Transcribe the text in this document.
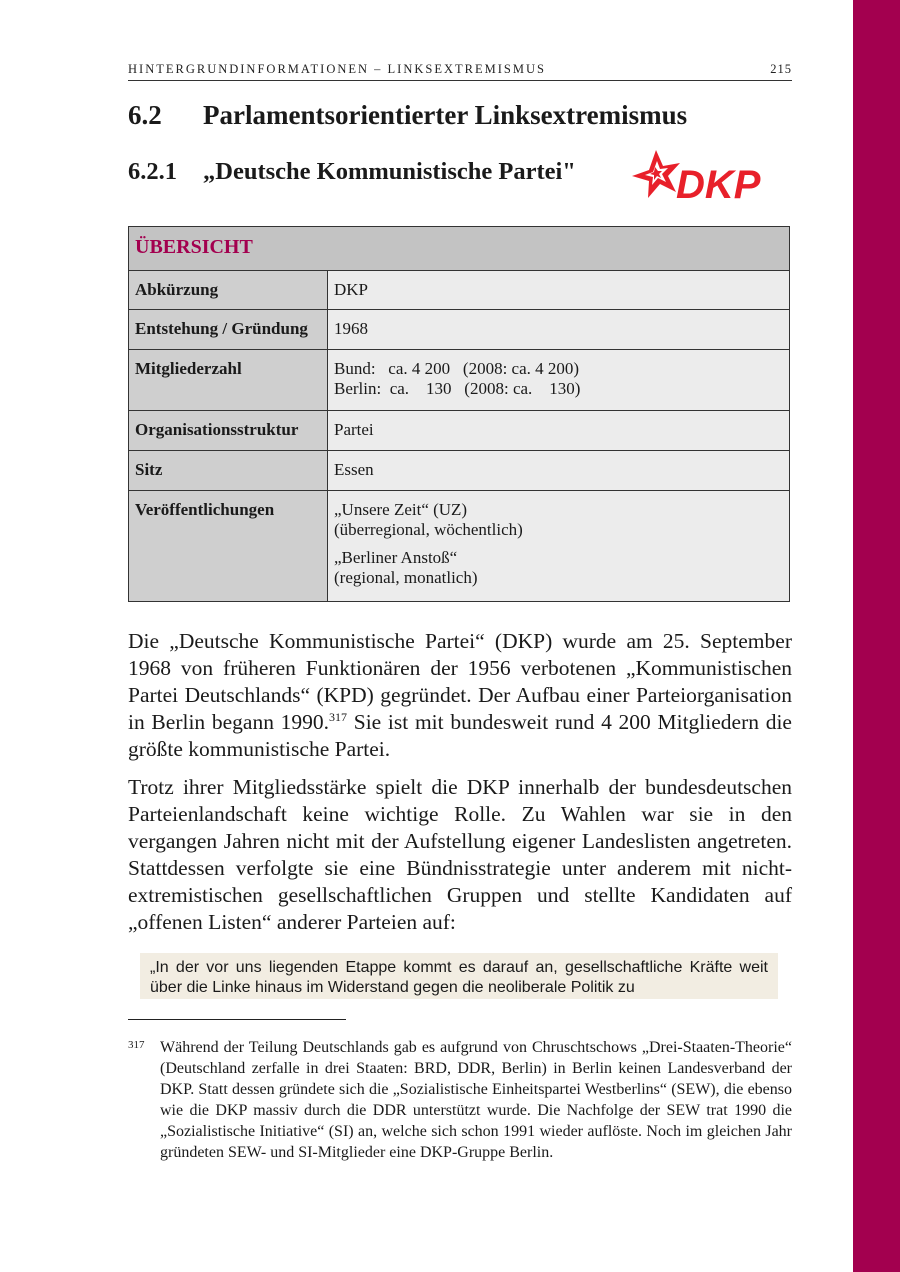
HINTERGRUNDINFORMATIONEN – LINKSEXTREMISMUS	215
6.2 Parlamentsorientierter Linksextremismus
6.2.1 „Deutsche Kommunistische Partei"	DKP
ÜBERSICHT	
Abkürzung	DKP
Entstehung / Gründung	1968
Mitgliederzahl	Bund:   ca. 4 200   (2008: ca. 4 200)
Berlin:  ca.    130   (2008: ca.    130)

Organisationsstruktur	Partei
Sitz	Essen
Veröffentlichungen	„Unsere Zeit“ (UZ)
(überregional, wöchentlich)
„Berliner Anstoß“
(regional, monatlich)

Die „Deutsche Kommunistische Partei“ (DKP) wurde am 25. September 1968 von früheren Funktionären der 1956 verbotenen „Kommunistischen Partei Deutschlands“ (KPD) gegründet. Der Aufbau einer Parteiorganisation in Berlin begann 1990.$^{317}$ Sie ist mit bundesweit rund 4 200 Mitgliedern die größte kommunistische Partei.

Trotz ihrer Mitgliedsstärke spielt die DKP innerhalb der bundesdeutschen Parteienlandschaft keine wichtige Rolle. Zu Wahlen war sie in den vergangen Jahren nicht mit der Aufstellung eigener Landeslisten angetreten. Stattdessen verfolgte sie eine Bündnisstrategie unter anderem mit nicht-extremistischen gesellschaftlichen Gruppen und stellte Kandidaten auf „offenen Listen“ anderer Parteien auf:

„In der vor uns liegenden Etappe kommt es darauf an, gesellschaftliche Kräfte weit über die Linke hinaus im Widerstand gegen die neoliberale Politik zu
317 Während der Teilung Deutschlands gab es aufgrund von Chruschtschows „Drei-Staaten-Theorie“ (Deutschland zerfalle in drei Staaten: BRD, DDR, Berlin) in Berlin keinen Landesverband der DKP. Statt dessen gründete sich die „Sozialistische Einheitspartei Westberlins“ (SEW), die ebenso wie die DKP massiv durch die DDR unterstützt wurde. Die Nachfolge der SEW trat 1990 die „Sozialistische Initiative“ (SI) an, welche sich schon 1991 wieder auflöste. Noch im gleichen Jahr gründeten SEW- und SI-Mitglieder eine DKP-Gruppe Berlin.
